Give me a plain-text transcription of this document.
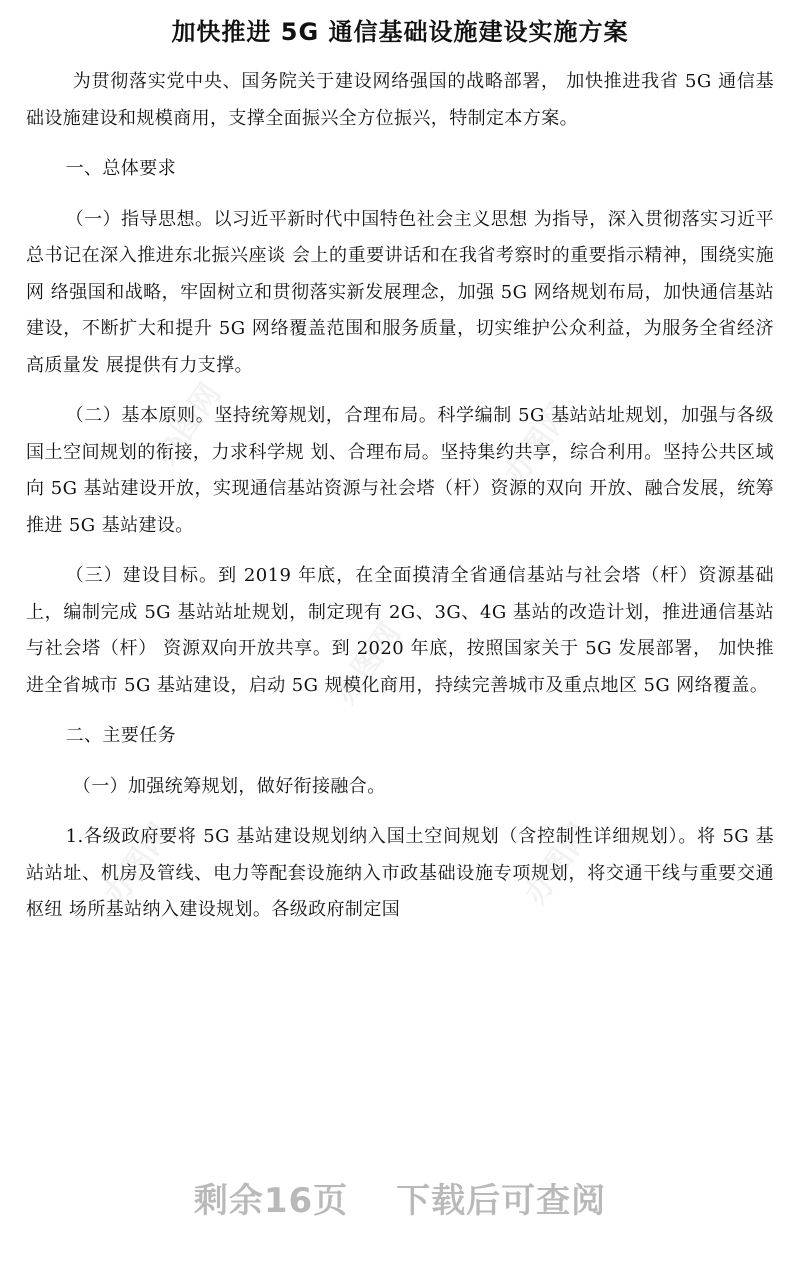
办图网	办图网
办图网
办图网	办图网
加快推进 5G 通信基础设施建设实施方案

为贯彻落实党中央、国务院关于建设网络强国的战略部署， 加快推进我省 5G 通信基础设施建设和规模商用，支撑全面振兴全方位振兴，特制定本方案。

一、总体要求

（一）指导思想。以习近平新时代中国特色社会主义思想 为指导，深入贯彻落实习近平总书记在深入推进东北振兴座谈 会上的重要讲话和在我省考察时的重要指示精神，围绕实施网 络强国和战略，牢固树立和贯彻落实新发展理念，加强 5G 网络规划布局，加快通信基站建设，不断扩大和提升 5G 网络覆盖范围和服务质量，切实维护公众利益，为服务全省经济高质量发 展提供有力支撑。

（二）基本原则。坚持统筹规划，合理布局。科学编制 5G 基站站址规划，加强与各级国土空间规划的衔接，力求科学规 划、合理布局。坚持集约共享，综合利用。坚持公共区域向 5G 基站建设开放，实现通信基站资源与社会塔（杆）资源的双向 开放、融合发展，统筹推进 5G 基站建设。

（三）建设目标。到 2019 年底，在全面摸清全省通信基站与社会塔（杆）资源基础上，编制完成 5G 基站站址规划，制定现有 2G、3G、4G 基站的改造计划，推进通信基站与社会塔（杆） 资源双向开放共享。到 2020 年底，按照国家关于 5G 发展部署， 加快推进全省城市 5G 基站建设，启动 5G 规模化商用，持续完善城市及重点地区 5G 网络覆盖。

二、主要任务

（一）加强统筹规划，做好衔接融合。

1.各级政府要将 5G 基站建设规划纳入国土空间规划（含控制性详细规划）。将 5G 基站站址、机房及管线、电力等配套设施纳入市政基础设施专项规划，将交通干线与重要交通枢纽 场所基站纳入建设规划。各级政府制定国

剩余16页 下载后可查阅
